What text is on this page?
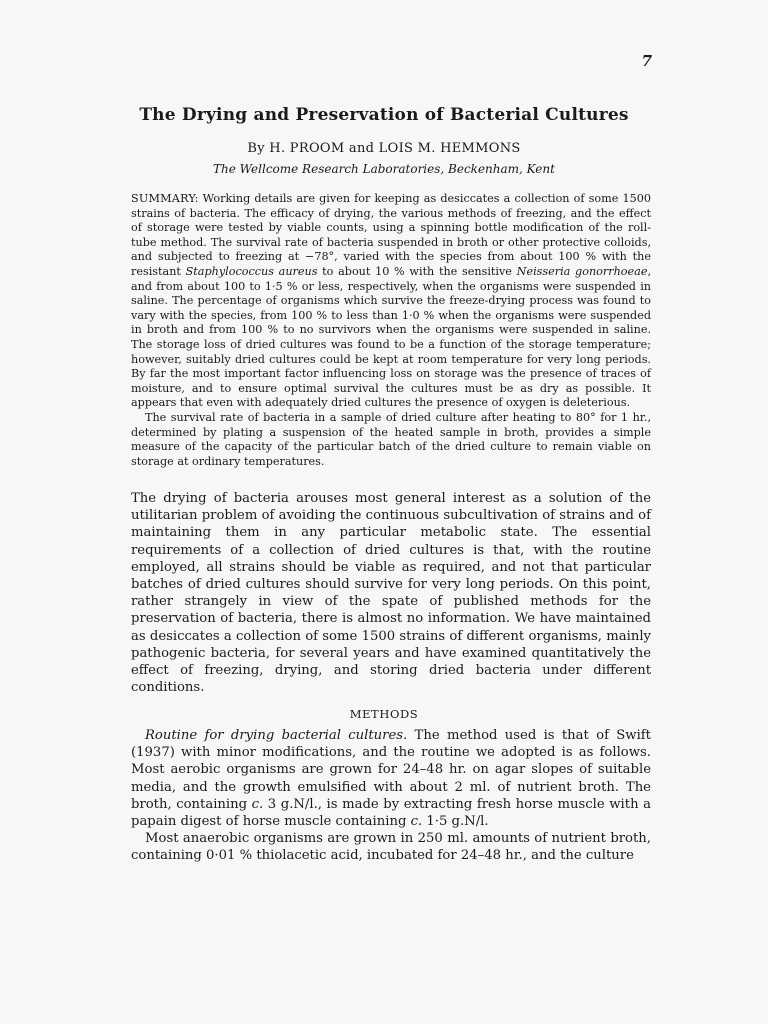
7
The Drying and Preservation of Bacterial Cultures
By H. PROOM and LOIS M. HEMMONS
The Wellcome Research Laboratories, Beckenham, Kent

SUMMARY: Working details are given for keeping as desiccates a collection of some 1500 strains of bacteria. The efficacy of drying, the various methods of freezing, and the effect of storage were tested by viable counts, using a spinning bottle modification of the roll-tube method. The survival rate of bacteria suspended in broth or other protective colloids, and subjected to freezing at −78°, varied with the species from about 100 % with the resistant Staphylococcus aureus to about 10 % with the sensitive Neisseria gonorrhoeae, and from about 100 to 1·5 % or less, respectively, when the organisms were suspended in saline. The percentage of organisms which survive the freeze-drying process was found to vary with the species, from 100 % to less than 1·0 % when the organisms were suspended in broth and from 100 % to no survivors when the organisms were suspended in saline. The storage loss of dried cultures was found to be a function of the storage temperature; however, suitably dried cultures could be kept at room temperature for very long periods. By far the most important factor influencing loss on storage was the presence of traces of moisture, and to ensure optimal survival the cultures must be as dry as possible. It appears that even with adequately dried cultures the presence of oxygen is deleterious.

The survival rate of bacteria in a sample of dried culture after heating to 80° for 1 hr., determined by plating a suspension of the heated sample in broth, provides a simple measure of the capacity of the particular batch of the dried culture to remain viable on storage at ordinary temperatures.

The drying of bacteria arouses most general interest as a solution of the utilitarian problem of avoiding the continuous subcultivation of strains and of maintaining them in any particular metabolic state. The essential requirements of a collection of dried cultures is that, with the routine employed, all strains should be viable as required, and not that particular batches of dried cultures should survive for very long periods. On this point, rather strangely in view of the spate of published methods for the preservation of bacteria, there is almost no information. We have maintained as desiccates a collection of some 1500 strains of different organisms, mainly pathogenic bacteria, for several years and have examined quantitatively the effect of freezing, drying, and storing dried bacteria under different conditions.

METHODS

Routine for drying bacterial cultures. The method used is that of Swift (1937) with minor modifications, and the routine we adopted is as follows. Most aerobic organisms are grown for 24–48 hr. on agar slopes of suitable media, and the growth emulsified with about 2 ml. of nutrient broth. The broth, containing c. 3 g.N/l., is made by extracting fresh horse muscle with a papain digest of horse muscle containing c. 1·5 g.N/l.

Most anaerobic organisms are grown in 250 ml. amounts of nutrient broth, containing 0·01 % thiolacetic acid, incubated for 24–48 hr., and the culture
